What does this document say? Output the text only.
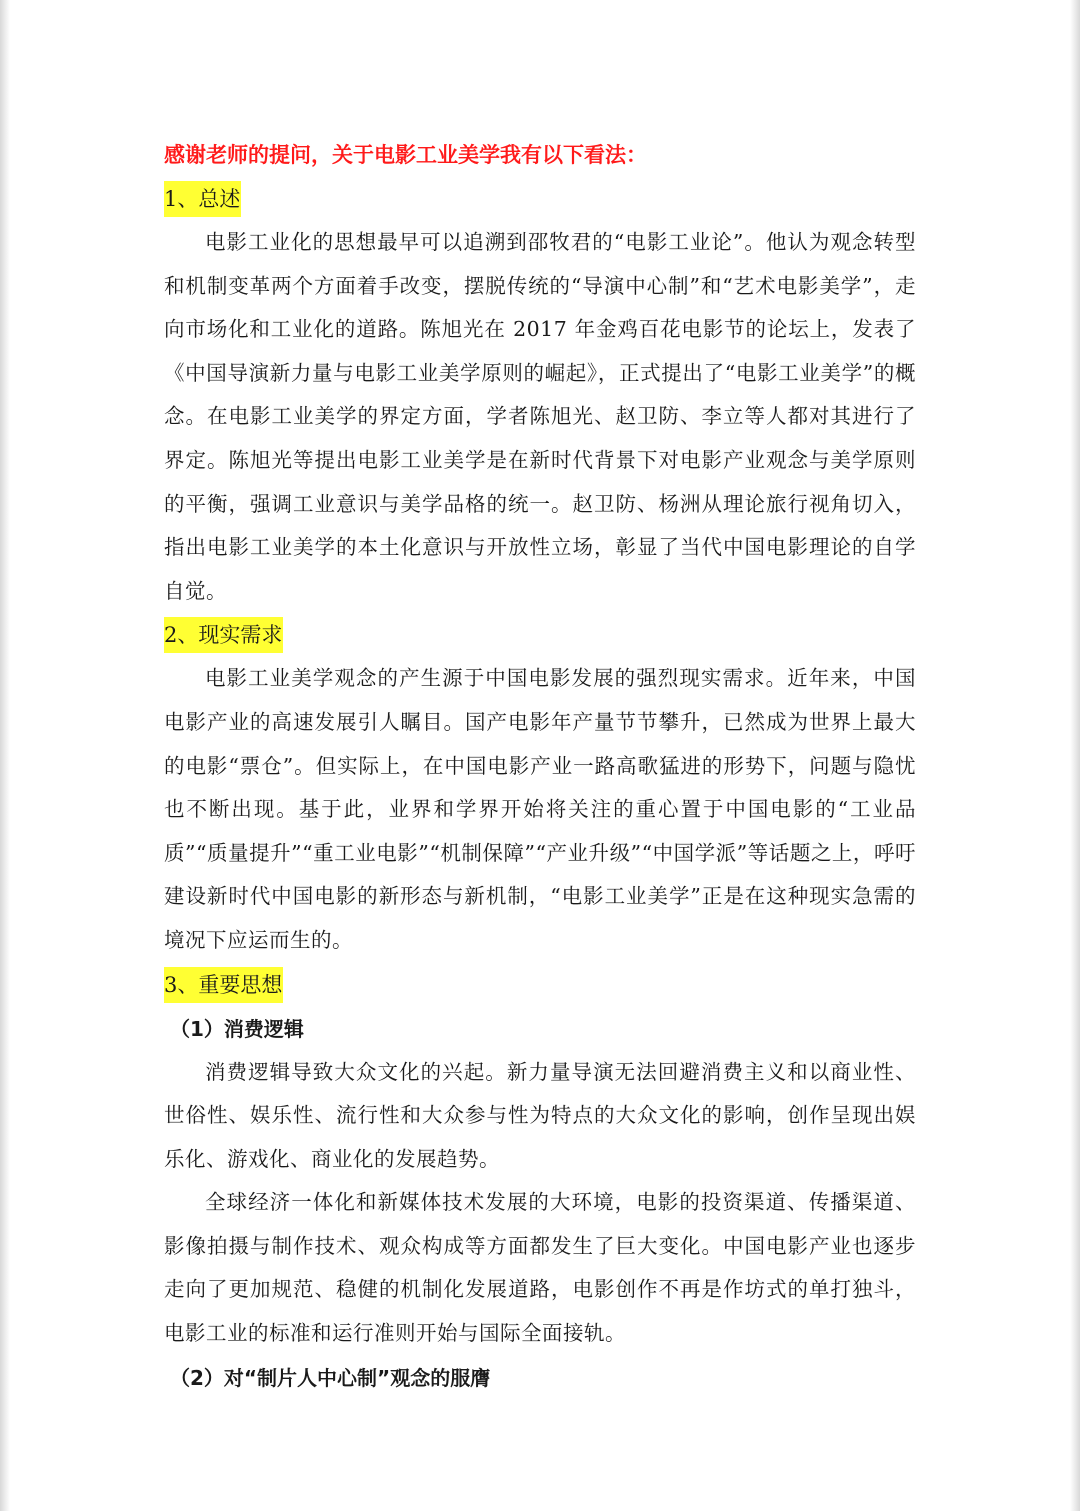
感谢老师的提问，关于电影工业美学我有以下看法：
1、总述

电影工业化的思想最早可以追溯到邵牧君的“电影工业论”。他认为观念转型和机制变革两个方面着手改变，摆脱传统的“导演中心制”和“艺术电影美学”，走向市场化和工业化的道路。陈旭光在 2017 年金鸡百花电影节的论坛上，发表了《中国导演新力量与电影工业美学原则的崛起》，正式提出了“电影工业美学”的概念。在电影工业美学的界定方面，学者陈旭光、赵卫防、李立等人都对其进行了界定。陈旭光等提出电影工业美学是在新时代背景下对电影产业观念与美学原则的平衡，强调工业意识与美学品格的统一。赵卫防、杨洲从理论旅行视角切入，指出电影工业美学的本土化意识与开放性立场，彰显了当代中国电影理论的自学自觉。

2、现实需求

电影工业美学观念的产生源于中国电影发展的强烈现实需求。近年来，中国电影产业的高速发展引人瞩目。国产电影年产量节节攀升，已然成为世界上最大的电影“票仓”。但实际上，在中国电影产业一路高歌猛进的形势下，问题与隐忧也不断出现。基于此，业界和学界开始将关注的重心置于中国电影的“工业品质”“质量提升”“重工业电影”“机制保障”“产业升级”“中国学派”等话题之上，呼吁建设新时代中国电影的新形态与新机制，“电影工业美学”正是在这种现实急需的境况下应运而生的。

3、重要思想
（1）消费逻辑

消费逻辑导致大众文化的兴起。新力量导演无法回避消费主义和以商业性、世俗性、娱乐性、流行性和大众参与性为特点的大众文化的影响，创作呈现出娱乐化、游戏化、商业化的发展趋势。

全球经济一体化和新媒体技术发展的大环境，电影的投资渠道、传播渠道、影像拍摄与制作技术、观众构成等方面都发生了巨大变化。中国电影产业也逐步走向了更加规范、稳健的机制化发展道路，电影创作不再是作坊式的单打独斗，电影工业的标准和运行准则开始与国际全面接轨。

（2）对“制片人中心制”观念的服膺
